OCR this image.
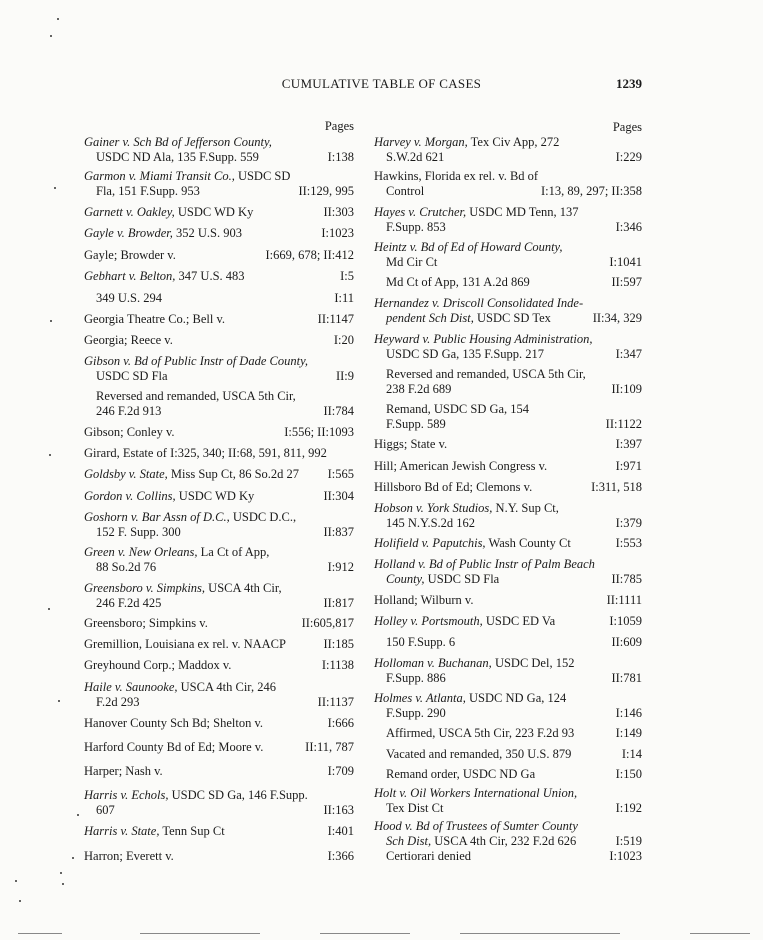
CUMULATIVE TABLE OF CASES	1239
Pages
Gainer v. Sch Bd of Jefferson County,
USDC ND Ala, 135 F.Supp. 559	I:138
Garmon v. Miami Transit Co., USDC SD
Fla, 151 F.Supp. 953	II:129, 995
Garnett v. Oakley, USDC WD Ky	II:303
Gayle v. Browder, 352 U.S. 903	I:1023
Gayle; Browder v.	I:669, 678; II:412
Gebhart v. Belton, 347 U.S. 483	I:5
349 U.S. 294	I:11
Georgia Theatre Co.; Bell v.	II:1147
Georgia; Reece v.	I:20
Gibson v. Bd of Public Instr of Dade County,
USDC SD Fla	II:9
Reversed and remanded, USCA 5th Cir,
246 F.2d 913	II:784
Gibson; Conley v.	I:556; II:1093
Girard, Estate of I:325, 340; II:68, 591, 811, 992
Goldsby v. State, Miss Sup Ct, 86 So.2d 27 I:565
Gordon v. Collins, USDC WD Ky	II:304
Goshorn v. Bar Assn of D.C., USDC D.C.,
152 F. Supp. 300	II:837
Green v. New Orleans, La Ct of App,
88 So.2d 76	I:912
Greensboro v. Simpkins, USCA 4th Cir,
246 F.2d 425	II:817
Greensboro; Simpkins v.	II:605,817
Gremillion, Louisiana ex rel. v. NAACP	II:185
Greyhound Corp.; Maddox v.	I:1138
Haile v. Saunooke, USCA 4th Cir, 246
F.2d 293	II:1137
Hanover County Sch Bd; Shelton v.	I:666
Harford County Bd of Ed; Moore v.	II:11, 787
Harper; Nash v.	I:709
Harris v. Echols, USDC SD Ga, 146 F.Supp.
607	II:163
Harris v. State, Tenn Sup Ct	I:401
Harron; Everett v.	I:366
Pages
Harvey v. Morgan, Tex Civ App, 272
S.W.2d 621	I:229
Hawkins, Florida ex rel. v. Bd of
Control	I:13, 89, 297; II:358
Hayes v. Crutcher, USDC MD Tenn, 137
F.Supp. 853	I:346
Heintz v. Bd of Ed of Howard County,
Md Cir Ct	I:1041
Md Ct of App, 131 A.2d 869	II:597
Hernandez v. Driscoll Consolidated Inde-
pendent Sch Dist, USDC SD Tex	II:34, 329
Heyward v. Public Housing Administration,
USDC SD Ga, 135 F.Supp. 217	I:347
Reversed and remanded, USCA 5th Cir,
238 F.2d 689	II:109
Remand, USDC SD Ga, 154
F.Supp. 589	II:1122
Higgs; State v.	I:397
Hill; American Jewish Congress v.	I:971
Hillsboro Bd of Ed; Clemons v.	I:311, 518
Hobson v. York Studios, N.Y. Sup Ct,
145 N.Y.S.2d 162	I:379
Holifield v. Paputchis, Wash County Ct	I:553
Holland v. Bd of Public Instr of Palm Beach
County, USDC SD Fla	II:785
Holland; Wilburn v.	II:1111
Holley v. Portsmouth, USDC ED Va	I:1059
150 F.Supp. 6	II:609
Holloman v. Buchanan, USDC Del, 152
F.Supp. 886	II:781
Holmes v. Atlanta, USDC ND Ga, 124
F.Supp. 290	I:146
Affirmed, USCA 5th Cir, 223 F.2d 93	I:149
Vacated and remanded, 350 U.S. 879	I:14
Remand order, USDC ND Ga	I:150
Holt v. Oil Workers International Union,
Tex Dist Ct	I:192
Hood v. Bd of Trustees of Sumter County
Sch Dist, USCA 4th Cir, 232 F.2d 626	I:519
Certiorari denied	I:1023
